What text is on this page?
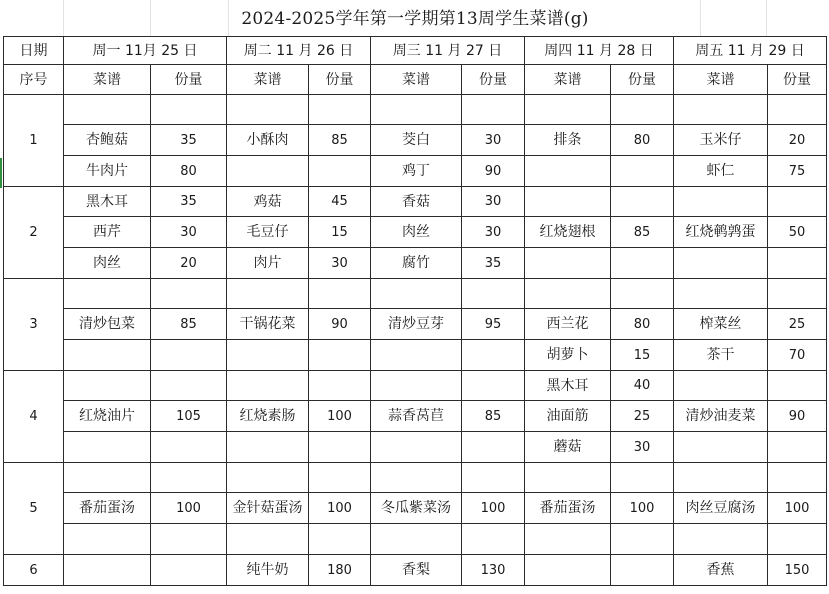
2024-2025学年第一学期第13周学生菜谱(g)
日期	周一 11月 25 日		周二 11 月 26 日		周三 11 月 27 日		周四 11 月 28 日		周五 11 月 29 日	
序号	菜谱	份量	菜谱	份量	菜谱	份量	菜谱	份量	菜谱	份量
1										
	杏鲍菇	35	小酥肉	85	茭白	30	排条	80	玉米仔	20
	牛肉片	80			鸡丁	90			虾仁	75
2	黑木耳	35	鸡菇	45	香菇	30				
	西芹	30	毛豆仔	15	肉丝	30	红烧翅根	85	红烧鹌鹑蛋	50
	肉丝	20	肉片	30	腐竹	35				
3										
	清炒包菜	85	干锅花菜	90	清炒豆芽	95	西兰花	80	榨菜丝	25
							胡萝卜	15	茶干	70
4							黑木耳	40		
	红烧油片	105	红烧素肠	100	蒜香莴苣	85	油面筋	25	清炒油麦菜	90
							蘑菇	30		
5										
	番茄蛋汤	100	金针菇蛋汤	100	冬瓜紫菜汤	100	番茄蛋汤	100	肉丝豆腐汤	100

6			纯牛奶	180	香梨	130			香蕉	150
